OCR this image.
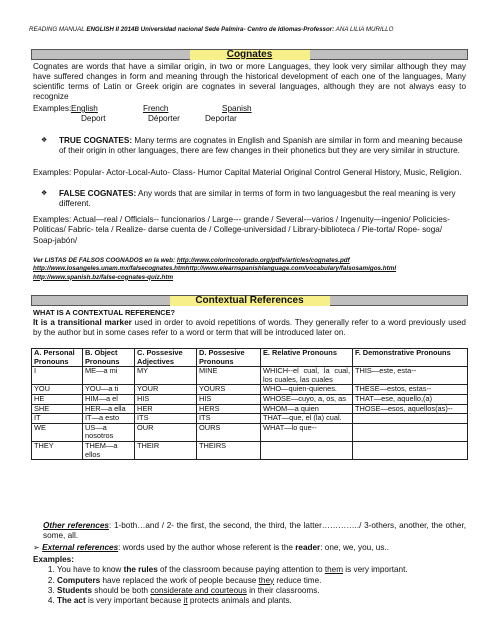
READING MANUAL ENGLISH II 2014B Universidad nacional Sede Palmira- Centro de Idiomas-Professor: ANA LILIA MURILLO
Cognates
Cognates are words that have a similar origin, in two or more Languages, they look very similar although they may have suffered changes in form and meaning through the historical development of each one of the languages, Many scientific terms of Latin or Greek origin are cognates in several languages, although they are not always easy to recognize
Examples: English	French	Spanish
Deport	Déporter	Deportar
❖ TRUE COGNATES: Many terms are cognates in English and Spanish are similar in form and meaning because of their origin in other languages, there are few changes in their phonetics but they are very similar in structure.
Examples: Popular- Actor-Local-Auto- Class- Humor Capital Material Original Control General History, Music, Religion.
❖ FALSE COGNATES: Any words that are similar in terms of form in two languagesbut the real meaning is very different.
Examples: Actual—real / Officials-- funcionarios / Large--- grande / Several---varios / Ingenuity—ingenio/ Policicies-Politicas/ Fabric- tela / Realize- darse cuenta de / College-universidad / Library-biblioteca / Pie-torta/ Rope- soga/ Soap-jabón/
Ver LISTAS DE FALSOS COGNADOS en la web: http://www.colorincolorado.org/pdfs/articles/cognates.pdf
http://www.losangeles.unam.mx/falsecognates.htmhttp://www.elearnspanishlanguage.com/vocabulary/falsosamigos.html
http://www.spanish.bz/false-cognates-quiz.htm
Contextual References
WHAT IS A CONTEXTUAL REFERENCE?
It is a transitional marker used in order to avoid repetitions of words. They generally refer to a word previously used by the author but in some cases refer to a word or term that will be introduced later on.
A. Personal Pronouns	B. Object Pronouns	C. Possesive Adjectives	D. Possesive Pronouns	E. Relative Pronouns	F. Demonstrative Pronouns
I	ME—a mi	MY	MINE	WHICH--el cual, la cual, los cuales, las cuales	THIS—este, esta--
YOU	YOU—a ti	YOUR	YOURS	WHO—quien-quienes.	THESE—estos, estas--
HE	HIM—a el	HIS	HIS	WHOSE—cuyo, a, os, as	THAT—ese, aquello,(a)
SHE	HER—a ella	HER	HERS	WHOM—a quien	THOSE—esos, aquellos(as)--
IT	IT—a esto	ITS	ITS	THAT—que, el (la) cual.	
WE	US—a nosotros	OUR	OURS	WHAT—lo que--	
THEY	THEM—a ellos	THEIR	THEIRS		
Other references: 1-both…and / 2- the first, the second, the third, the latter…………../ 3-others, another, the other, some, all.
➢ External references: words used by the author whose referent is the reader: one, we, you, us..
Examples:
1. You have to know the rules of the classroom because paying attention to them is very important.
2. Computers have replaced the work of people because they reduce time.
3. Students should be both considerate and courteous in their classrooms.
4. The act is very important because it protects animals and plants.
